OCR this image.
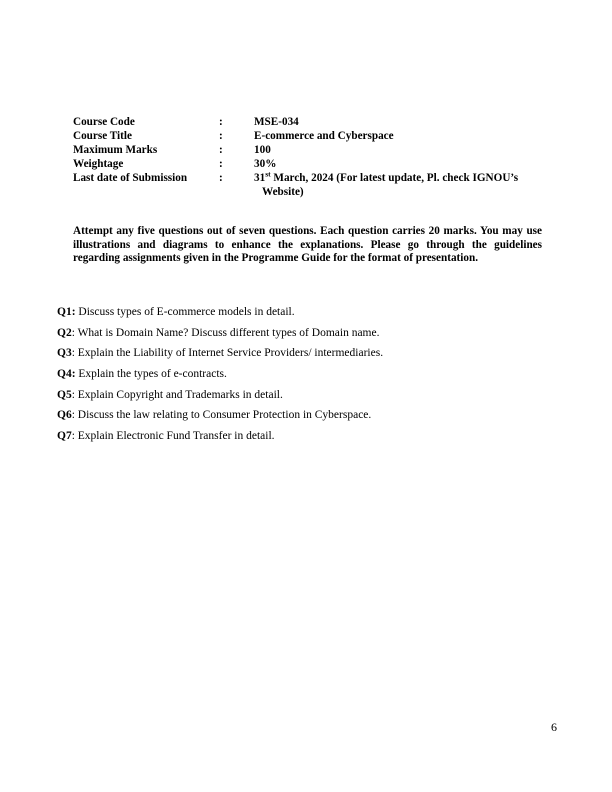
Course Code	:	MSE-034
Course Title	:	E-commerce and Cyberspace
Maximum Marks	:	100
Weightage	:	30%
Last date of Submission	:	31st March, 2024 (For latest update, Pl. check IGNOU’s
Website)

Attempt any five questions out of seven questions. Each question carries 20 marks. You may use illustrations and diagrams to enhance the explanations. Please go through the guidelines regarding assignments given in the Programme Guide for the format of presentation.

Q1: Discuss types of E-commerce models in detail.
Q2: What is Domain Name? Discuss different types of Domain name.
Q3: Explain the Liability of Internet Service Providers/ intermediaries.
Q4: Explain the types of e-contracts.
Q5: Explain Copyright and Trademarks in detail.
Q6: Discuss the law relating to Consumer Protection in Cyberspace.
Q7: Explain Electronic Fund Transfer in detail.
6
